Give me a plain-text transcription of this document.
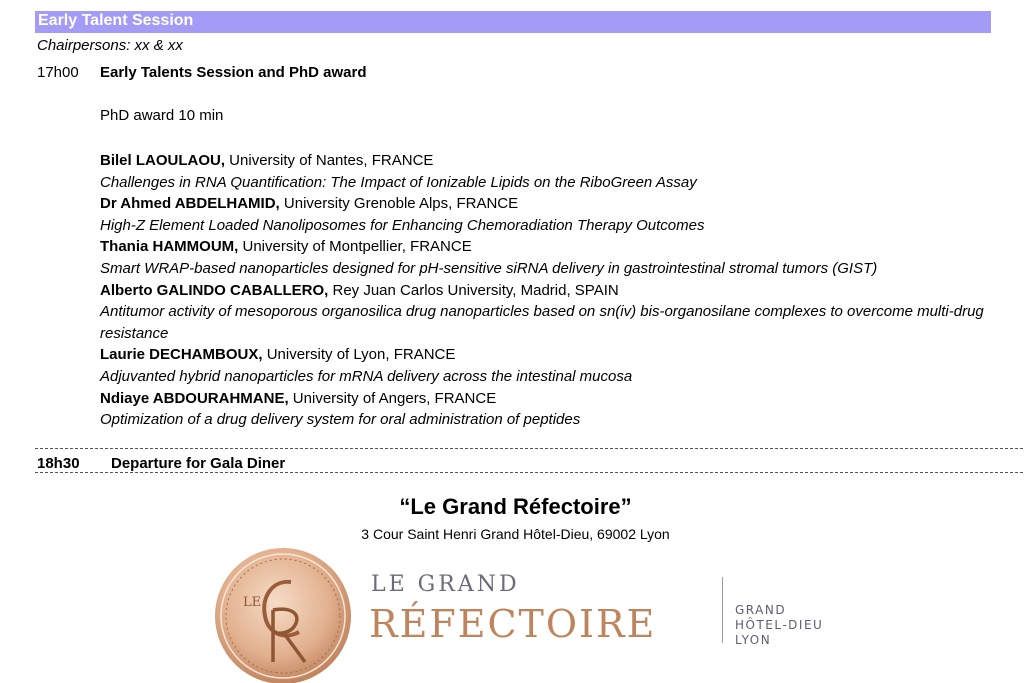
Early Talent Session
Chairpersons: xx & xx
17h00 Early Talents Session and PhD award
PhD award 10 min
Bilel LAOULAOU, University of Nantes, FRANCE
Challenges in RNA Quantification: The Impact of Ionizable Lipids on the RiboGreen Assay
Dr Ahmed ABDELHAMID, University Grenoble Alps, FRANCE
High-Z Element Loaded Nanoliposomes for Enhancing Chemoradiation Therapy Outcomes
Thania HAMMOUM, University of Montpellier, FRANCE
Smart WRAP-based nanoparticles designed for pH-sensitive siRNA delivery in gastrointestinal stromal tumors (GIST)
Alberto GALINDO CABALLERO, Rey Juan Carlos University, Madrid, SPAIN
Antitumor activity of mesoporous organosilica drug nanoparticles based on sn(iv) bis-organosilane complexes to overcome multi-drug resistance
Laurie DECHAMBOUX, University of Lyon, FRANCE
Adjuvanted hybrid nanoparticles for mRNA delivery across the intestinal mucosa
Ndiaye ABDOURAHMANE, University of Angers, FRANCE
Optimization of a drug delivery system for oral administration of peptides
18h30 Departure for Gala Diner
“Le Grand Réfectoire”
3 Cour Saint Henri Grand Hôtel-Dieu, 69002 Lyon
LE
LE GRAND
RÉFECTOIRE	GRAND
HÔTEL-DIEU
LYON
